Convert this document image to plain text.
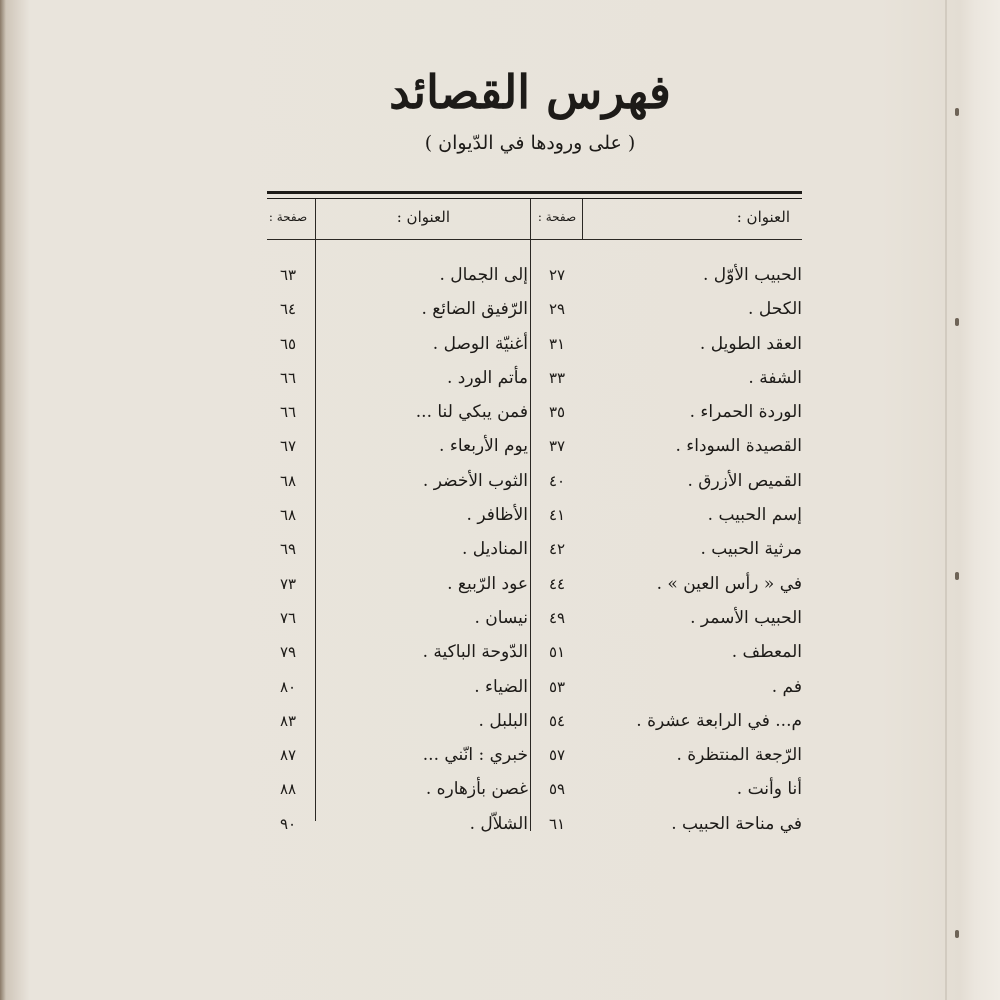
فهرس القصائد

( على ورودها في الدّيوان )

العنوان :
صفحة :
العنوان :
صفحة :
الحبيب الأوّل .
٢٧
إلى الجمال .
٦٣
الكحل .
٢٩
الرّفيق الضائع .
٦٤
العقد الطويل .
٣١
أغنيّة الوصل .
٦٥
الشفة .
٣٣
مأتم الورد .
٦٦
الوردة الحمراء .
٣٥
فمن يبكي لنا ...
٦٦
القصيدة السوداء .
٣٧
يوم الأربعاء .
٦٧
القميص الأزرق .
٤٠
الثوب الأخضر .
٦٨
إسم الحبيب .
٤١
الأظافر .
٦٨
مرثية الحبيب .
٤٢
المناديل .
٦٩
في « رأس العين » .
٤٤
عود الرّبيع .
٧٣
الحبيب الأسمر .
٤٩
نيسان .
٧٦
المعطف .
٥١
الدّوحة الباكية .
٧٩
فم .
٥٣
الضياء .
٨٠
م... في الرابعة عشرة .
٥٤
البلبل .
٨٣
الرّجعة المنتظرة .
٥٧
خبري : انّني ...
٨٧
أنا وأنت .
٥٩
غصن بأزهاره .
٨٨
في مناحة الحبيب .
٦١
الشلاّل .
٩٠
